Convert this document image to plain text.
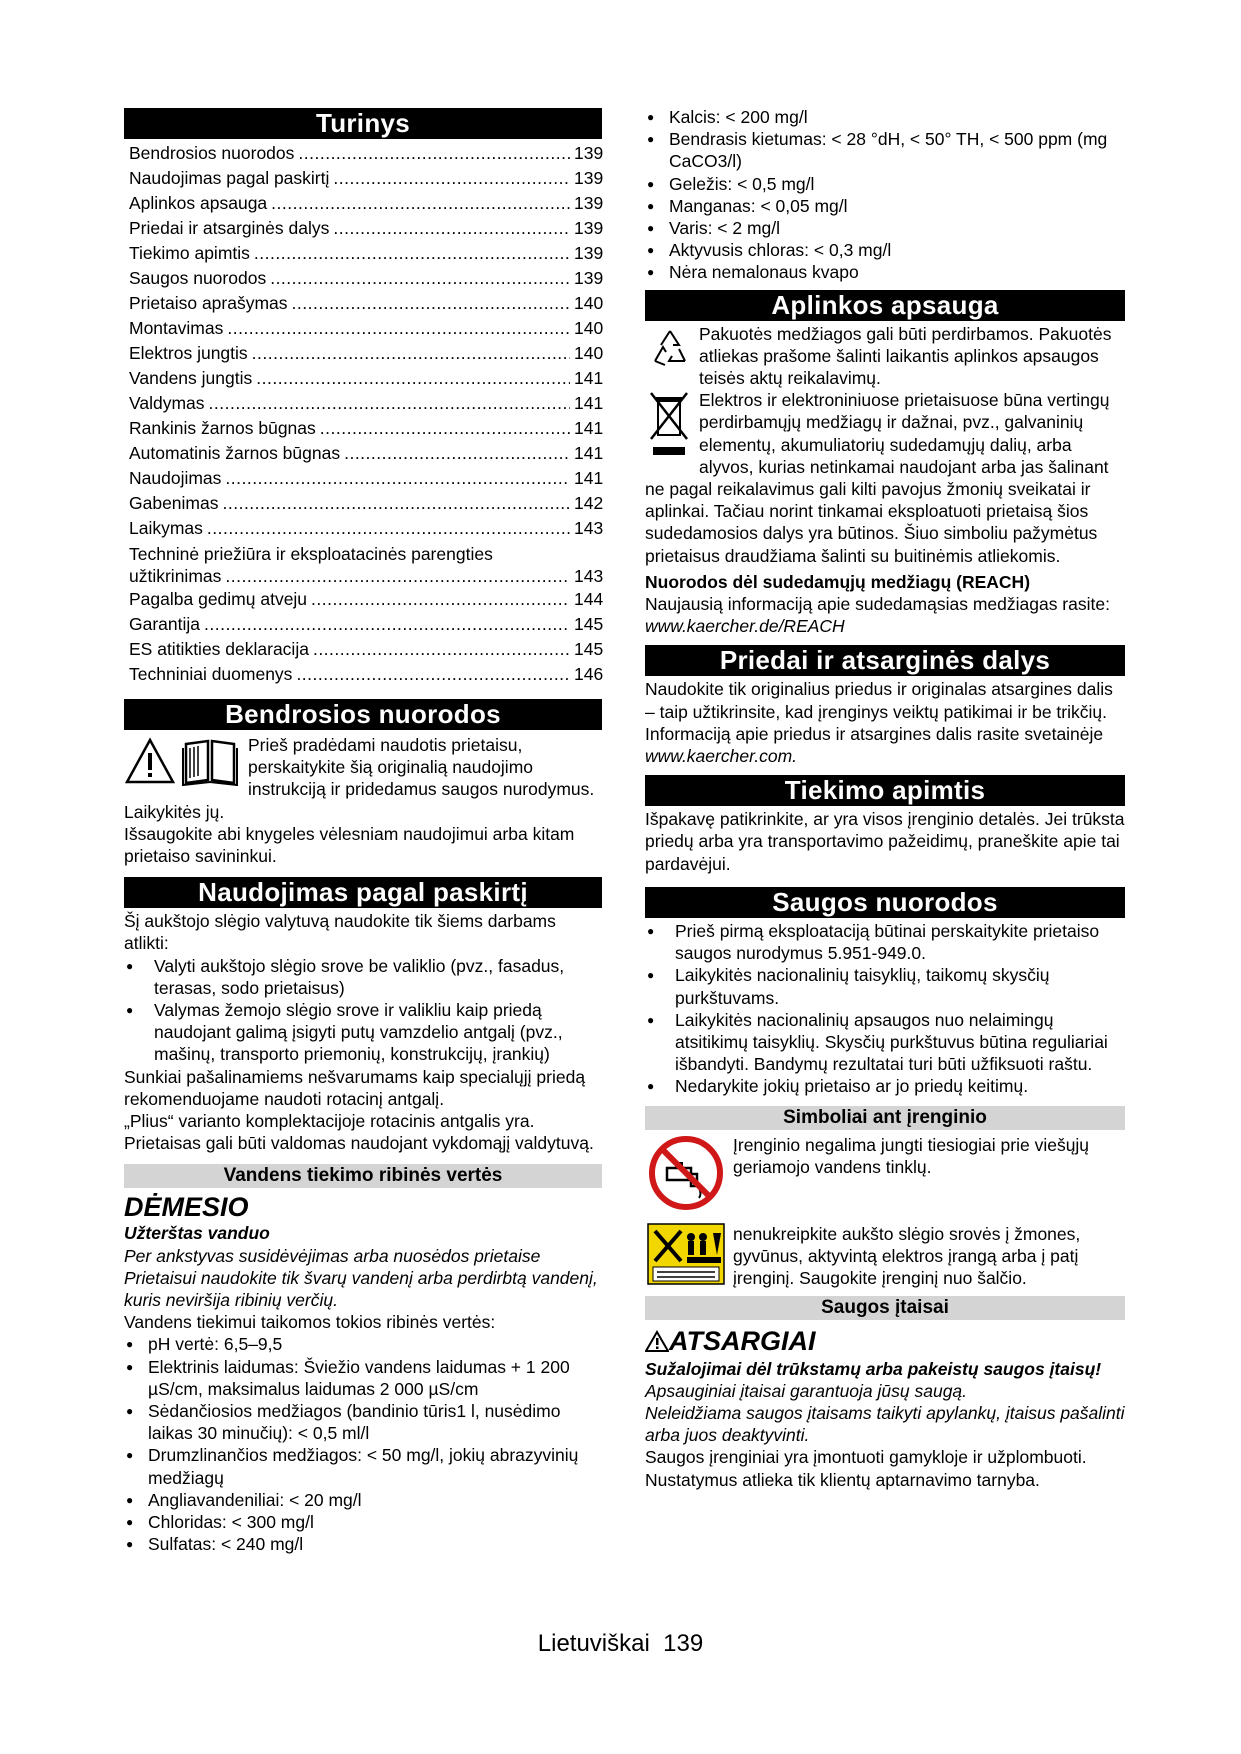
Turinys
Bendrosios nuorodos .....	139
Naudojimas pagal paskirtį .....	139
Aplinkos apsauga .....	139
Priedai ir atsarginės dalys .....	139
Tiekimo apimtis .....	139
Saugos nuorodos .....	139
Prietaiso aprašymas .....	140
Montavimas .....	140
Elektros jungtis .....	140
Vandens jungtis .....	141
Valdymas .....	141
Rankinis žarnos būgnas .....	141
Automatinis žarnos būgnas .....	141
Naudojimas .....	141
Gabenimas .....	142
Laikymas .....	143
Techninė priežiūra ir eksploatacinės parengties
užtikrinimas .....	143
Pagalba gedimų atveju .....	144
Garantija .....	145
ES atitikties deklaracija .....	145
Techniniai duomenys .....	146
Bendrosios nuorodos

Prieš pradėdami naudotis prietaisu, perskaitykite šią originalią naudojimo instrukciją ir pridedamus saugos nurodymus. Laikykitės jų.

Išsaugokite abi knygeles vėlesniam naudojimui arba kitam prietaiso savininkui.

Naudojimas pagal paskirtį

Šį aukštojo slėgio valytuvą naudokite tik šiems darbams atlikti:

● Valyti aukštojo slėgio srove be valiklio (pvz., fasadus, terasas, sodo prietaisus)
● Valymas žemojo slėgio srove ir valikliu kaip priedą naudojant galimą įsigyti putų vamzdelio antgalį (pvz., mašinų, transporto priemonių, konstrukcijų, įrankių)

Sunkiai pašalinamiems nešvarumams kaip specialųjį priedą rekomenduojame naudoti rotacinį antgalį.

„Plius“ varianto komplektacijoje rotacinis antgalis yra.

Prietaisas gali būti valdomas naudojant vykdomąjį valdytuvą.

Vandens tiekimo ribinės vertės
DĖMESIO

Užterštas vanduo

Per ankstyvas susidėvėjimas arba nuosėdos prietaise

Prietaisui naudokite tik švarų vandenį arba perdirbtą vandenį, kuris neviršija ribinių verčių.

Vandens tiekimui taikomos tokios ribinės vertės:

● pH vertė: 6,5–9,5
● Elektrinis laidumas: Šviežio vandens laidumas + 1 200 µS/cm, maksimalus laidumas 2 000 µS/cm
● Sėdančiosios medžiagos (bandinio tūris1 l, nusėdimo laikas 30 minučių): < 0,5 ml/l
● Drumzlinančios medžiagos: < 50 mg/l, jokių abrazyvinių medžiagų
● Angliavandeniliai: < 20 mg/l
● Chloridas: < 300 mg/l
● Sulfatas: < 240 mg/l
● Kalcis: < 200 mg/l
● Bendrasis kietumas: < 28 °dH, < 50° TH, < 500 ppm (mg CaCO3/l)
● Geležis: < 0,5 mg/l
● Manganas: < 0,05 mg/l
● Varis: < 2 mg/l
● Aktyvusis chloras: < 0,3 mg/l
● Nėra nemalonaus kvapo
Aplinkos apsauga

Pakuotės medžiagos gali būti perdirbamos. Pakuotės atliekas prašome šalinti laikantis aplinkos apsaugos teisės aktų reikalavimų.

Elektros ir elektroniniuose prietaisuose būna vertingų perdirbamųjų medžiagų ir dažnai, pvz., galvaninių elementų, akumuliatorių sudedamųjų dalių, arba alyvos, kurias netinkamai naudojant arba jas šalinant ne pagal reikalavimus gali kilti pavojus žmonių sveikatai ir aplinkai. Tačiau norint tinkamai eksploatuoti prietaisą šios sudedamosios dalys yra būtinos. Šiuo simboliu pažymėtus prietaisus draudžiama šalinti su buitinėmis atliekomis.

Nuorodos dėl sudedamųjų medžiagų (REACH)

Naujausią informaciją apie sudedamąsias medžiagas rasite: www.kaercher.de/REACH

Priedai ir atsarginės dalys

Naudokite tik originalius priedus ir originalas atsargines dalis – taip užtikrinsite, kad įrenginys veiktų patikimai ir be trikčių.

Informaciją apie priedus ir atsargines dalis rasite svetainėje www.kaercher.com.

Tiekimo apimtis

Išpakavę patikrinkite, ar yra visos įrenginio detalės. Jei trūksta priedų arba yra transportavimo pažeidimų, praneškite apie tai pardavėjui.

Saugos nuorodos
● Prieš pirmą eksploataciją būtinai perskaitykite prietaiso saugos nurodymus 5.951-949.0.
● Laikykitės nacionalinių taisyklių, taikomų skysčių purkštuvams.
● Laikykitės nacionalinių apsaugos nuo nelaimingų atsitikimų taisyklių. Skysčių purkštuvus būtina reguliariai išbandyti. Bandymų rezultatai turi būti užfiksuoti raštu.
● Nedarykite jokių prietaiso ar jo priedų keitimų.
Simboliai ant įrenginio

Įrenginio negalima jungti tiesiogiai prie viešųjų geriamojo vandens tinklų.

nenukreipkite aukšto slėgio srovės į žmones, gyvūnus, aktyvintą elektros įrangą arba į patį įrenginį. Saugokite įrenginį nuo šalčio.

Saugos įtaisai
ATSARGIAI

Sužalojimai dėl trūkstamų arba pakeistų saugos įtaisų!

Apsauginiai įtaisai garantuoja jūsų saugą.

Neleidžiama saugos įtaisams taikyti apylankų, įtaisus pašalinti arba juos deaktyvinti.

Saugos įrenginiai yra įmontuoti gamykloje ir užplombuoti. Nustatymus atlieka tik klientų aptarnavimo tarnyba.

Lietuviškai 139
